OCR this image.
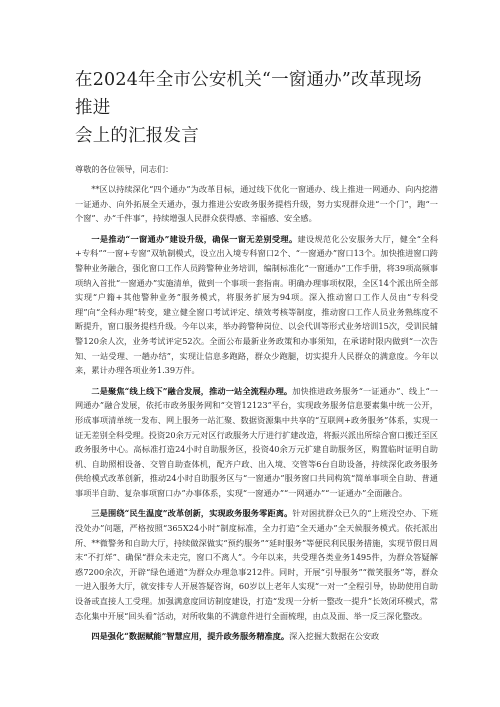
在2024年全市公安机关“一窗通办”改革现场推进
会上的汇报发言

尊敬的各位领导，同志们：

**区以持续深化“四个通办”为改革目标，通过线下优化一窗通办、线上推进一网通办、向内挖潜一证通办、向外拓展全天通办，强力推进公安政务服务提档升级，努力实现群众进“一个门”，跑“一个窗”、办“千件事”，持续增强人民群众获得感、幸福感、安全感。

一是推动“一窗通办”建设升级，确保一窗无差别受理。建设规范化公安服务大厅，健全“全科+专科”“一窗+专窗”双轨制模式，设立出入境专科窗口2个、“一窗通办”窗口13个。加快推进窗口跨警种业务融合，强化窗口工作人员跨警种业务培训，编制标准化“一窗通办”工作手册，将39项高频事项纳入首批“一窗通办”实施清单，做到一个事项一套指南。明确办理事项权限，全区14个派出所全部实现“户籍+其他警种业务”服务模式，将服务扩展为94项。深入推动窗口工作人员由“专科受理”向“全科办理”转变，建立健全窗口考试评定、绩效考核等制度，推动窗口工作人员业务熟练度不断提升，窗口服务提档升级。今年以来，举办跨警种岗位、以会代训等形式业务培训15次，受训民辅警120余人次，业务考试评定52次。全面公布最新业务政策和办事须知，在承诺时限内做到“一次告知、一站受理、一趟办结”，实现让信息多跑路，群众少跑腿，切实提升人民群众的满意度。今年以来，累计办理各项业务1.39万件。

二是聚焦“线上线下”融合发展，推动一站全流程办理。加快推进政务服务“一证通办”、线上“一网通办”融合发展，依托市政务服务网和“交管12123”平台，实现政务服务信息要素集中统一公开，形成事项清单统一发布、网上服务一站汇聚、数据资源集中共享的“互联网+政务服务”体系，实现一证无差别全科受理。投资20余万元对区行政服务大厅进行扩建改造，将振兴派出所综合窗口搬迁至区政务服务中心。高标准打造24小时自助服务区，投资40余万元扩建自助服务区，购置临时证明自助机、自助照相设备、交管自助查体机，配齐户政、出入境、交管等6台自助设备，持续深化政务服务供给模式改革创新，推动24小时自助服务区与“一窗通办”服务窗口共同构筑“简单事项全自助、普通事项半自助、复杂事项窗口办”办事体系，实现“一窗通办”“一网通办”“一证通办”全面融合。

三是围绕“民生温度”改革创新，实现政务服务零距离。针对困扰群众已久的“上班没空办、下班没处办”问题，严格按照“365X24小时”制度标准，全力打造“全天通办”全天候服务模式。依托派出所、**微警务和自助大厅，持续做深做实“预约服务”“延时服务”等便民利民服务措施，实现节假日周末“不打烊”、确保“群众未走完，窗口不离人”。今年以来，共受理各类业务1495件，为群众答疑解惑7200余次，开辟“绿色通道”为群众办理急事212件。同时，开展“引导服务”“微笑服务”等，群众一进入服务大厅，就安排专人开展答疑咨询，60岁以上老年人实现“一对一”全程引导，协助使用自助设备或直接人工受理。加强满意度回访制度建设，打造“发现一分析一整改一提升”长效闭环模式，常态化集中开展“回头看”活动，对所收集的不满意件进行全面梳理，由点及面、举一反三深化整改。

四是强化“数据赋能”智慧应用，提升政务服务精准度。深入挖掘大数据在公安政
